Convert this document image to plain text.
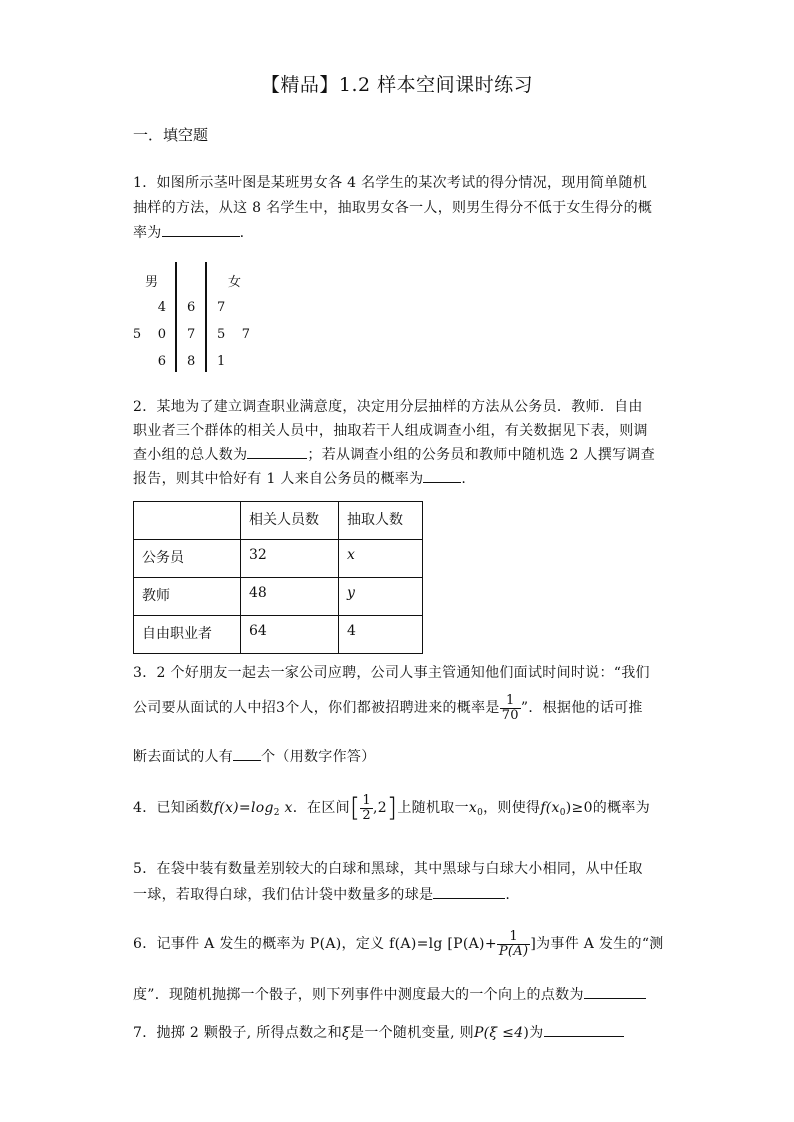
【精品】1.2 样本空间课时练习
一．填空题
1．如图所示茎叶图是某班男女各 4 名学生的某次考试的得分情况，现用简单随机
抽样的方法，从这 8 名学生中，抽取男女各一人，则男生得分不低于女生得分的概
率为	.
男	女
4 6 7
5    0 7 5    7
6 8 1
2．某地为了建立调查职业满意度，决定用分层抽样的方法从公务员．教师．自由
职业者三个群体的相关人员中，抽取若干人组成调查小组，有关数据见下表，则调
查小组的总人数为	；若从调查小组的公务员和教师中随机选 2 人撰写调查
报告，则其中恰好有 1 人来自公务员的概率为	.
	相关人员数	抽取人数
公务员	32	x
教师	48	y
自由职业者	64	4
3．2 个好朋友一起去一家公司应聘，公司人事主管通知他们面试时间时说：“我们
公司要从面试的人中招3个人，你们都被招聘进来的概率是 $\frac{1}{70}$ ”．根据他的话可推
断去面试的人有 个（用数字作答）
4．已知函数$f(x)=\log_2$ x．在区间[ $\frac{1}{2} ,2$]上随机取一$x_0$，则使得$f(x_0)\ge 0$的概率为
5．在袋中装有数量差别较大的白球和黑球，其中黑球与白球大小相同，从中任取
一球，若取得白球，我们估计袋中数量多的球是	.
6．记事件 A 发生的概率为 P(A)，定义 f(A)=lg [$P(A)+ \frac{1}{P(A)}$ ]为事件 A 发生的“测
度”．现随机抛掷一个骰子，则下列事件中测度最大的一个向上的点数为
7．抛掷 2 颗骰子, 所得点数之和ξ是一个随机变量, 则P(ξ ≤4)为
